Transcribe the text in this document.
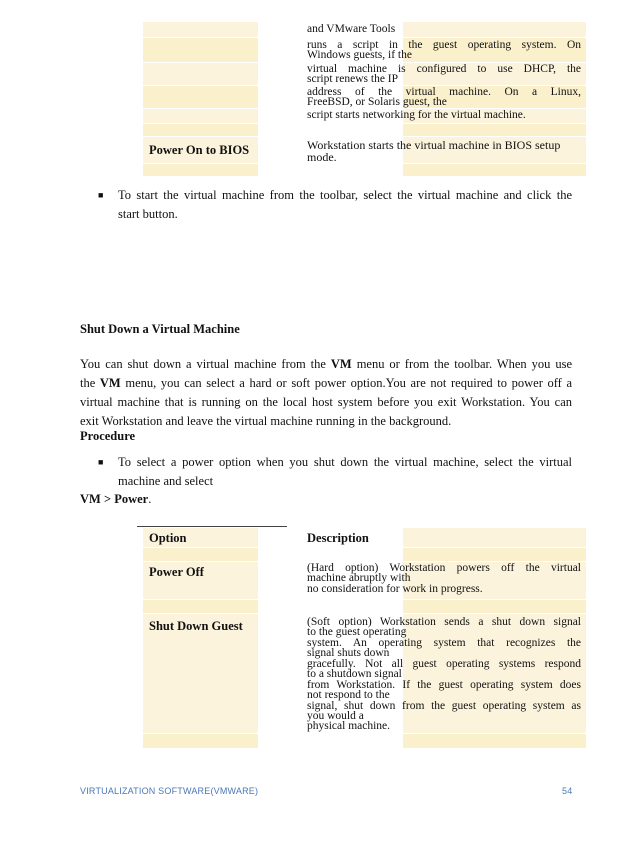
and VMware Tools
runs a script in the guest operating system. On
Windows guests, if the
virtual machine is configured to use DHCP, the
script renews the IP
address of the virtual machine. On a Linux,
FreeBSD, or Solaris guest, the
script starts networking for the virtual machine.
Power On to BIOS	Workstation starts the virtual machine in BIOS setup
mode.
■ To start the virtual machine from the toolbar, select the virtual machine and click the
start button.
Shut Down a Virtual Machine
You can shut down a virtual machine from the VM menu or from the toolbar. When you use
the VM menu, you can select a hard or soft power option.You are not required to power off a
virtual machine that is running on the local host system before you exit Workstation. You can
exit Workstation and leave the virtual machine running in the background.
Procedure
■ To select a power option when you shut down the virtual machine, select the virtual
machine and select
VM > Power.
Option	Description
Power Off	(Hard option) Workstation powers off the virtual
machine abruptly with
no consideration for work in progress.
Shut Down Guest	(Soft option) Workstation sends a shut down signal
to the guest operating
system. An operating system that recognizes the
signal shuts down
gracefully. Not all guest operating systems respond
to a shutdown signal
from Workstation. If the guest operating system does
not respond to the
signal, shut down from the guest operating system as
you would a
physical machine.
VIRTUALIZATION SOFTWARE(VMWARE)	54
